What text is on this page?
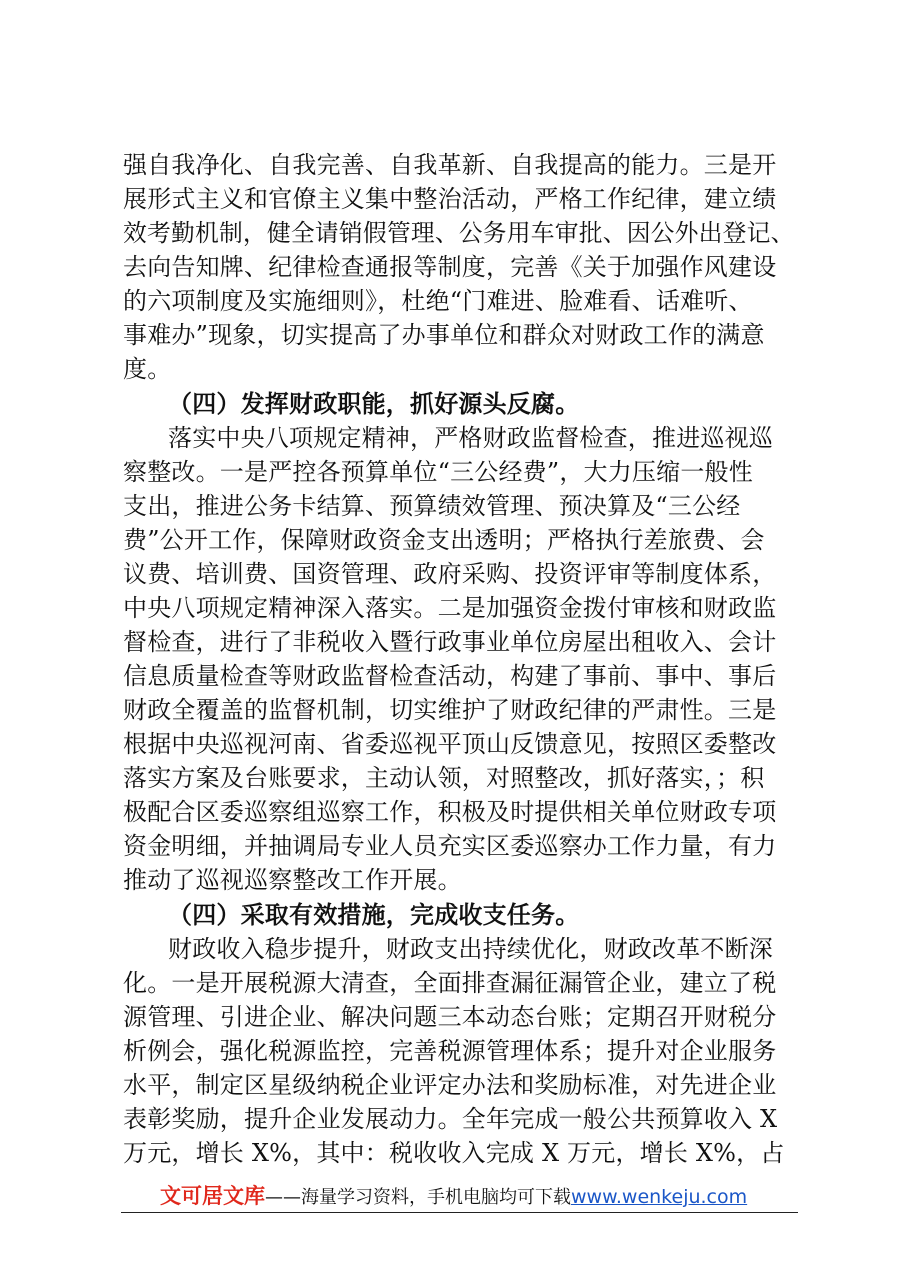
强自我净化、自我完善、自我革新、自我提高的能力。三是开
展形式主义和官僚主义集中整治活动，严格工作纪律，建立绩
效考勤机制，健全请销假管理、公务用车审批、因公外出登记、
去向告知牌、纪律检查通报等制度，完善《关于加强作风建设
的六项制度及实施细则》，杜绝“门难进、脸难看、话难听、
事难办”现象，切实提高了办事单位和群众对财政工作的满意
度。
（四）发挥财政职能，抓好源头反腐。
落实中央八项规定精神，严格财政监督检查，推进巡视巡
察整改。一是严控各预算单位“三公经费”，大力压缩一般性
支出，推进公务卡结算、预算绩效管理、预决算及“三公经
费”公开工作，保障财政资金支出透明；严格执行差旅费、会
议费、培训费、国资管理、政府采购、投资评审等制度体系，
中央八项规定精神深入落实。二是加强资金拨付审核和财政监
督检查，进行了非税收入暨行政事业单位房屋出租收入、会计
信息质量检查等财政监督检查活动，构建了事前、事中、事后
财政全覆盖的监督机制，切实维护了财政纪律的严肃性。三是
根据中央巡视河南、省委巡视平顶山反馈意见，按照区委整改
落实方案及台账要求，主动认领，对照整改，抓好落实，；积
极配合区委巡察组巡察工作，积极及时提供相关单位财政专项
资金明细，并抽调局专业人员充实区委巡察办工作力量，有力
推动了巡视巡察整改工作开展。
（四）采取有效措施，完成收支任务。
财政收入稳步提升，财政支出持续优化，财政改革不断深
化。一是开展税源大清查，全面排查漏征漏管企业，建立了税
源管理、引进企业、解决问题三本动态台账；定期召开财税分
析例会，强化税源监控，完善税源管理体系；提升对企业服务
水平，制定区星级纳税企业评定办法和奖励标准，对先进企业
表彰奖励，提升企业发展动力。全年完成一般公共预算收入 X
万元，增长 X%，其中：税收收入完成 X 万元，增长 X%，占
文可居文库——海量学习资料，手机电脑均可下载www.wenkeju.com
